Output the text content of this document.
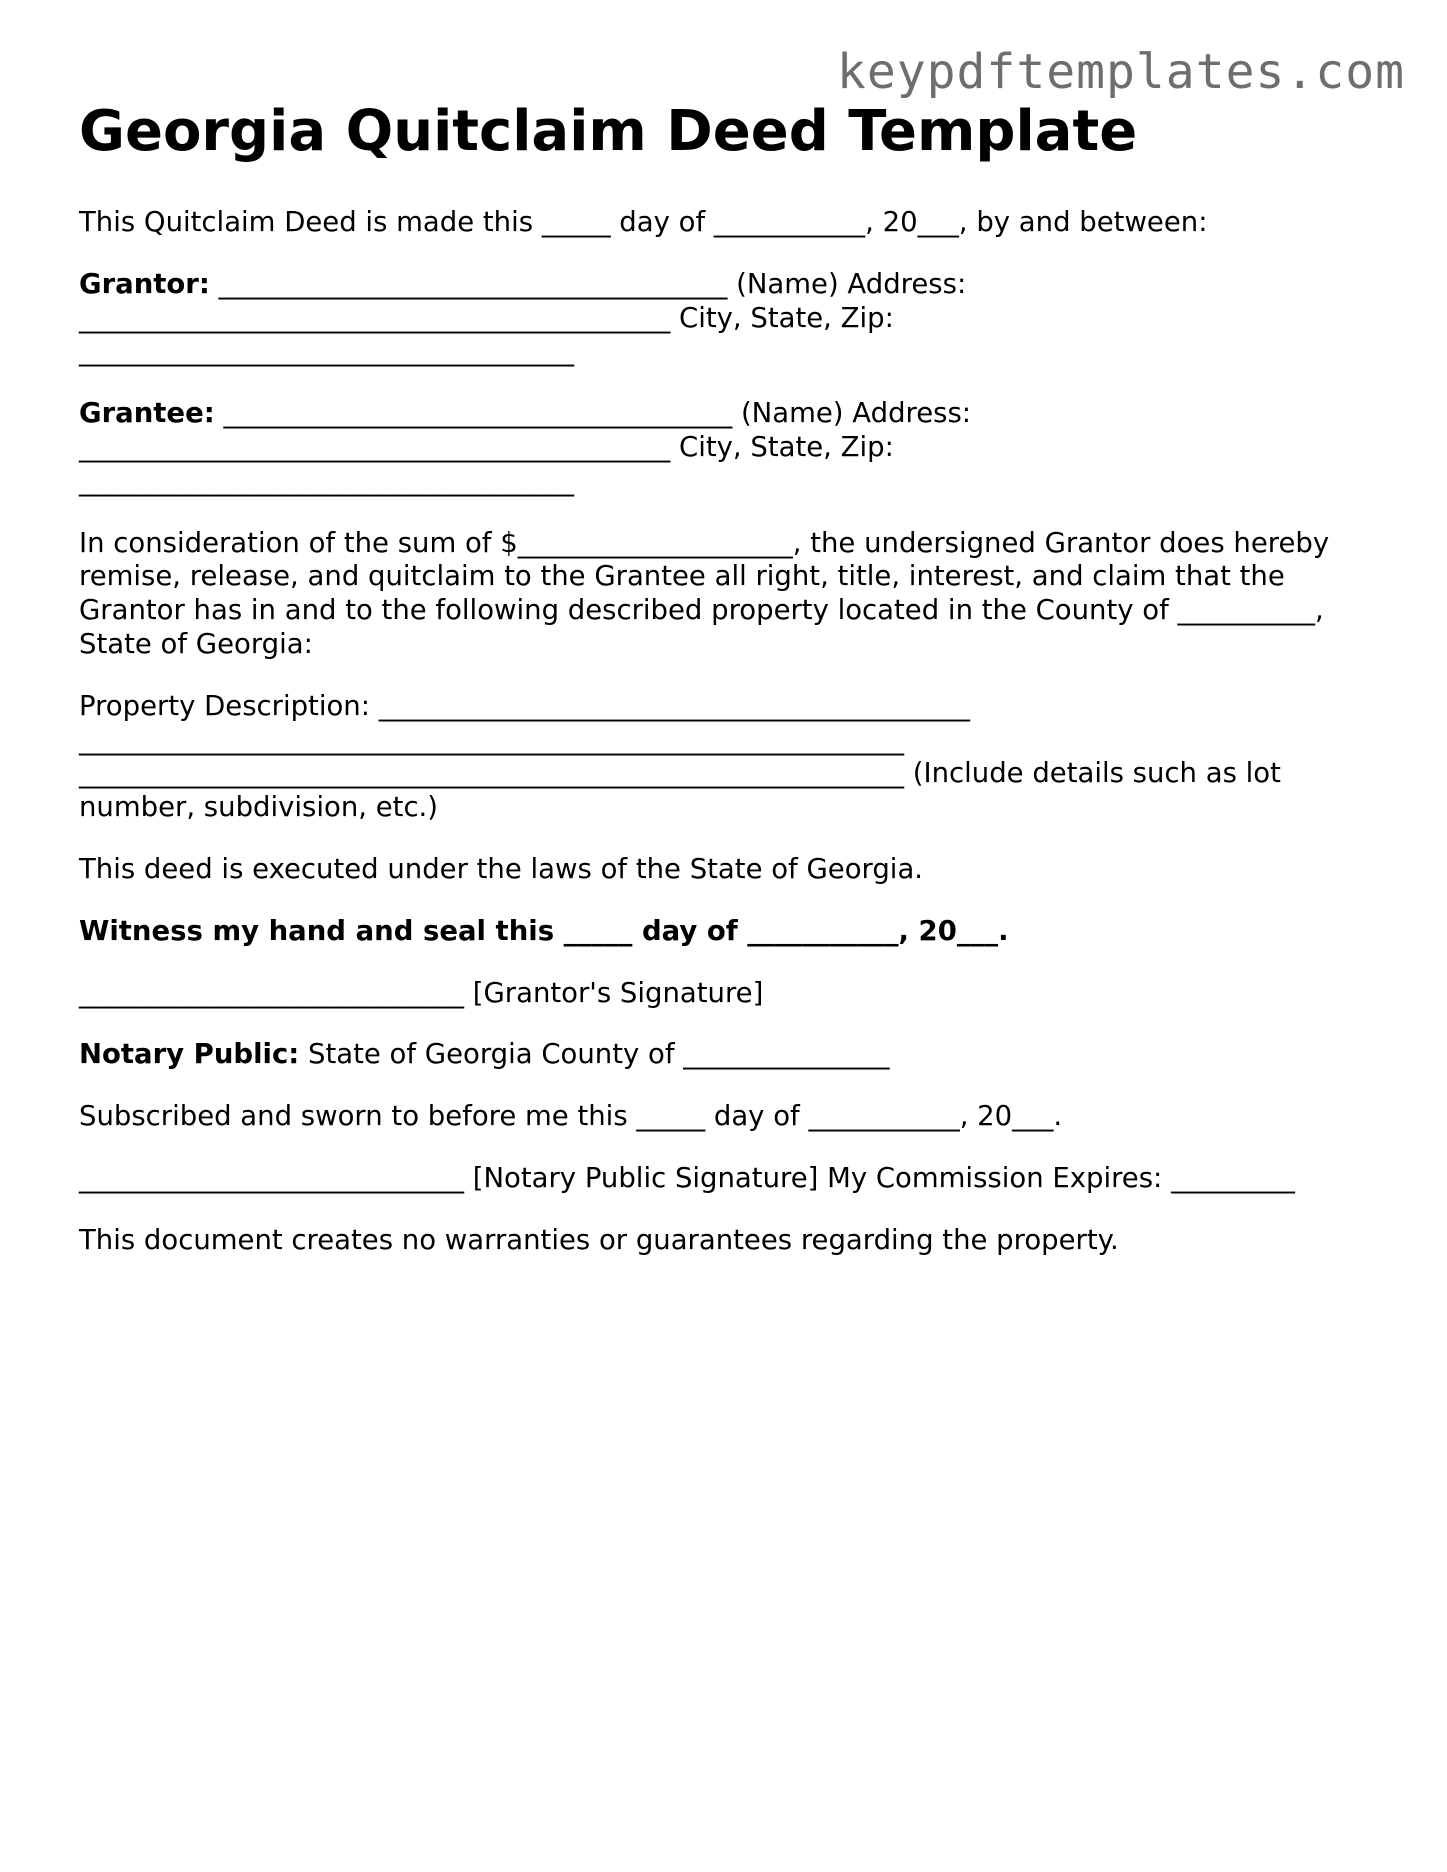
keypdftemplates.com
Georgia Quitclaim Deed Template

This Quitclaim Deed is made this _____ day of ___________, 20___, by and between:

Grantor: _____________________________________ (Name) Address:
___________________________________________ City, State, Zip:
____________________________________

Grantee: _____________________________________ (Name) Address:
___________________________________________ City, State, Zip:
____________________________________

In consideration of the sum of $____________________, the undersigned Grantor does hereby
remise, release, and quitclaim to the Grantee all right, title, interest, and claim that the
Grantor has in and to the following described property located in the County of __________,
State of Georgia:

Property Description: ___________________________________________
____________________________________________________________
____________________________________________________________ (Include details such as lot
number, subdivision, etc.)

This deed is executed under the laws of the State of Georgia.

Witness my hand and seal this _____ day of ___________, 20___.

____________________________ [Grantor's Signature]

Notary Public: State of Georgia County of _______________

Subscribed and sworn to before me this _____ day of ___________, 20___.

____________________________ [Notary Public Signature] My Commission Expires: _________

This document creates no warranties or guarantees regarding the property.
